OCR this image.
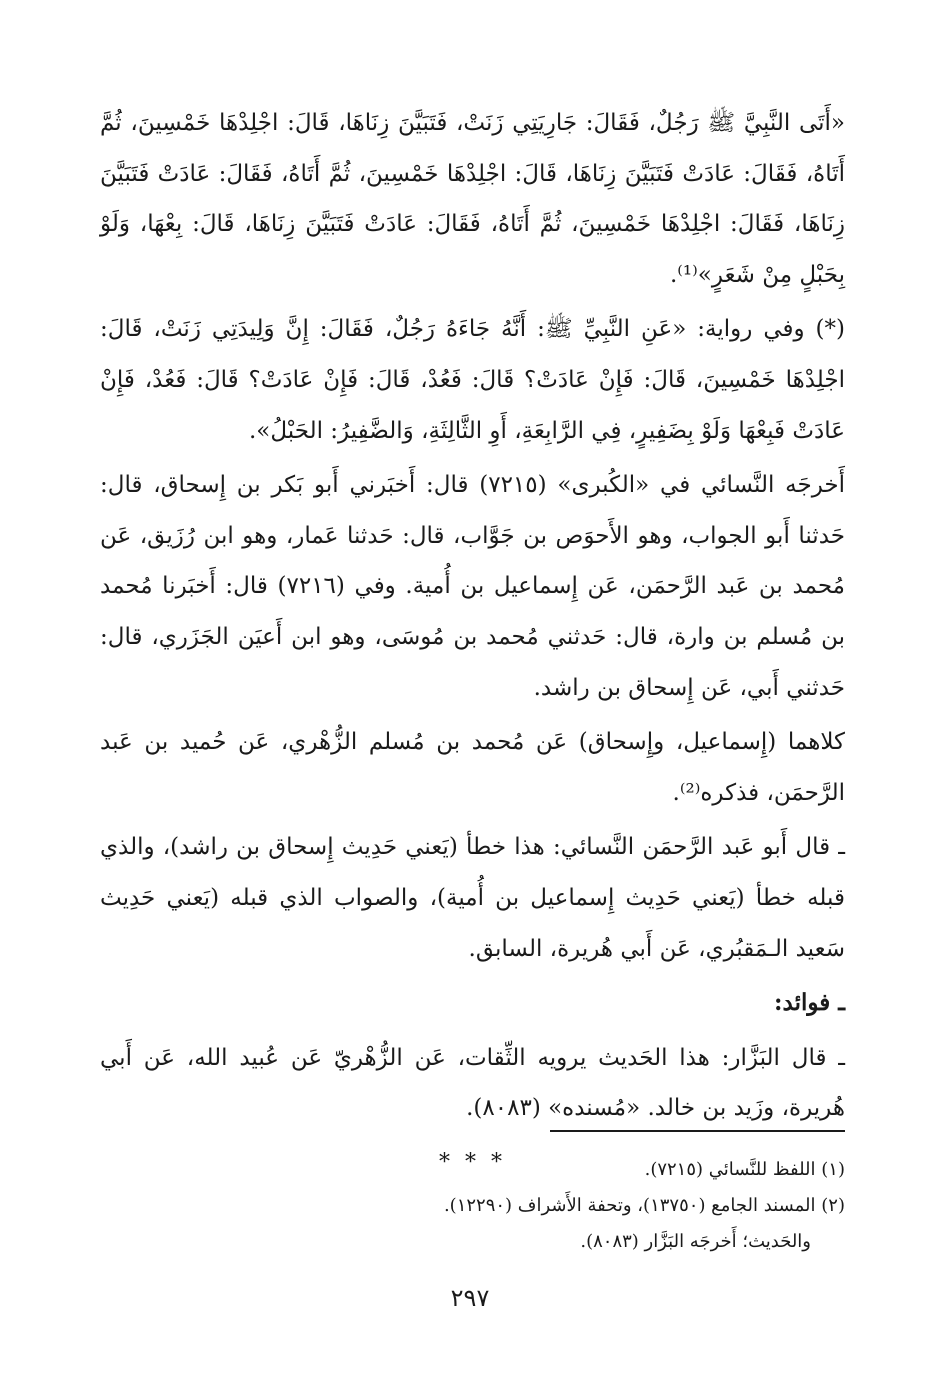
«أَتَى النَّبِيَّ ﷺ رَجُلٌ، فَقَالَ: جَارِيَتِي زَنَتْ، فَتَبَيَّنَ زِنَاهَا، قَالَ: اجْلِدْهَا خَمْسِينَ، ثُمَّ أَتَاهُ، فَقَالَ: عَادَتْ فَتَبَيَّنَ زِنَاهَا، قَالَ: اجْلِدْهَا خَمْسِينَ، ثُمَّ أَتَاهُ، فَقَالَ: عَادَتْ فَتَبَيَّنَ زِنَاهَا، فَقَالَ: اجْلِدْهَا خَمْسِينَ، ثُمَّ أَتَاهُ، فَقَالَ: عَادَتْ فَتَبَيَّنَ زِنَاهَا، قَالَ: بِعْهَا، وَلَوْ بِحَبْلٍ مِنْ شَعَرٍ»⁽¹⁾.

(*) وفي رواية: «عَنِ النَّبِيِّ ﷺ: أَنَّهُ جَاءَهُ رَجُلٌ، فَقَالَ: إِنَّ وَلِيدَتِي زَنَتْ، قَالَ: اجْلِدْهَا خَمْسِينَ، قَالَ: فَإِنْ عَادَتْ؟ قَالَ: فَعُدْ، قَالَ: فَإِنْ عَادَتْ؟ قَالَ: فَعُدْ، فَإِنْ عَادَتْ فَبِعْهَا وَلَوْ بِضَفِيرٍ، فِي الرَّابِعَةِ، أَوِ الثَّالِثَةِ، وَالضَّفِيرُ: الحَبْلُ».

أَخرجَه النَّسائي في «الكُبرى» (٧٢١٥) قال: أَخبَرني أَبو بَكر بن إِسحاق، قال: حَدثنا أَبو الجواب، وهو الأَحوَص بن جَوَّاب، قال: حَدثنا عَمار، وهو ابن رُزَيق، عَن مُحمد بن عَبد الرَّحمَن، عَن إِسماعيل بن أُمية. وفي (٧٢١٦) قال: أَخبَرنا مُحمد بن مُسلم بن وارة، قال: حَدثني مُحمد بن مُوسَى، وهو ابن أَعيَن الجَزَري، قال: حَدثني أَبي، عَن إِسحاق بن راشد.

كلاهما (إِسماعيل، وإِسحاق) عَن مُحمد بن مُسلم الزُّهْري، عَن حُميد بن عَبد الرَّحمَن، فذكره⁽²⁾.

ـ قال أَبو عَبد الرَّحمَن النَّسائي: هذا خطأ (يَعني حَدِيث إِسحاق بن راشد)، والذي قبله خطأ (يَعني حَدِيث إِسماعيل بن أُمية)، والصواب الذي قبله (يَعني حَدِيث سَعيد الـمَقبُري، عَن أَبي هُريرة، السابق.

ـ فوائد:

ـ قال البَزَّار: هذا الحَديث يرويه الثِّقات، عَن الزُّهْريّ عَن عُبيد الله، عَن أَبي هُريرة، وزَيد بن خالد. «مُسنده» (٨٠٨٣).

* * *	(١) اللفظ للنَّسائي (٧٢١٥).
(٢) المسند الجامع (١٣٧٥٠)، وتحفة الأَشراف (١٢٢٩٠).
والحَديث؛ أَخرجَه البَزَّار (٨٠٨٣).
٢٩٧
